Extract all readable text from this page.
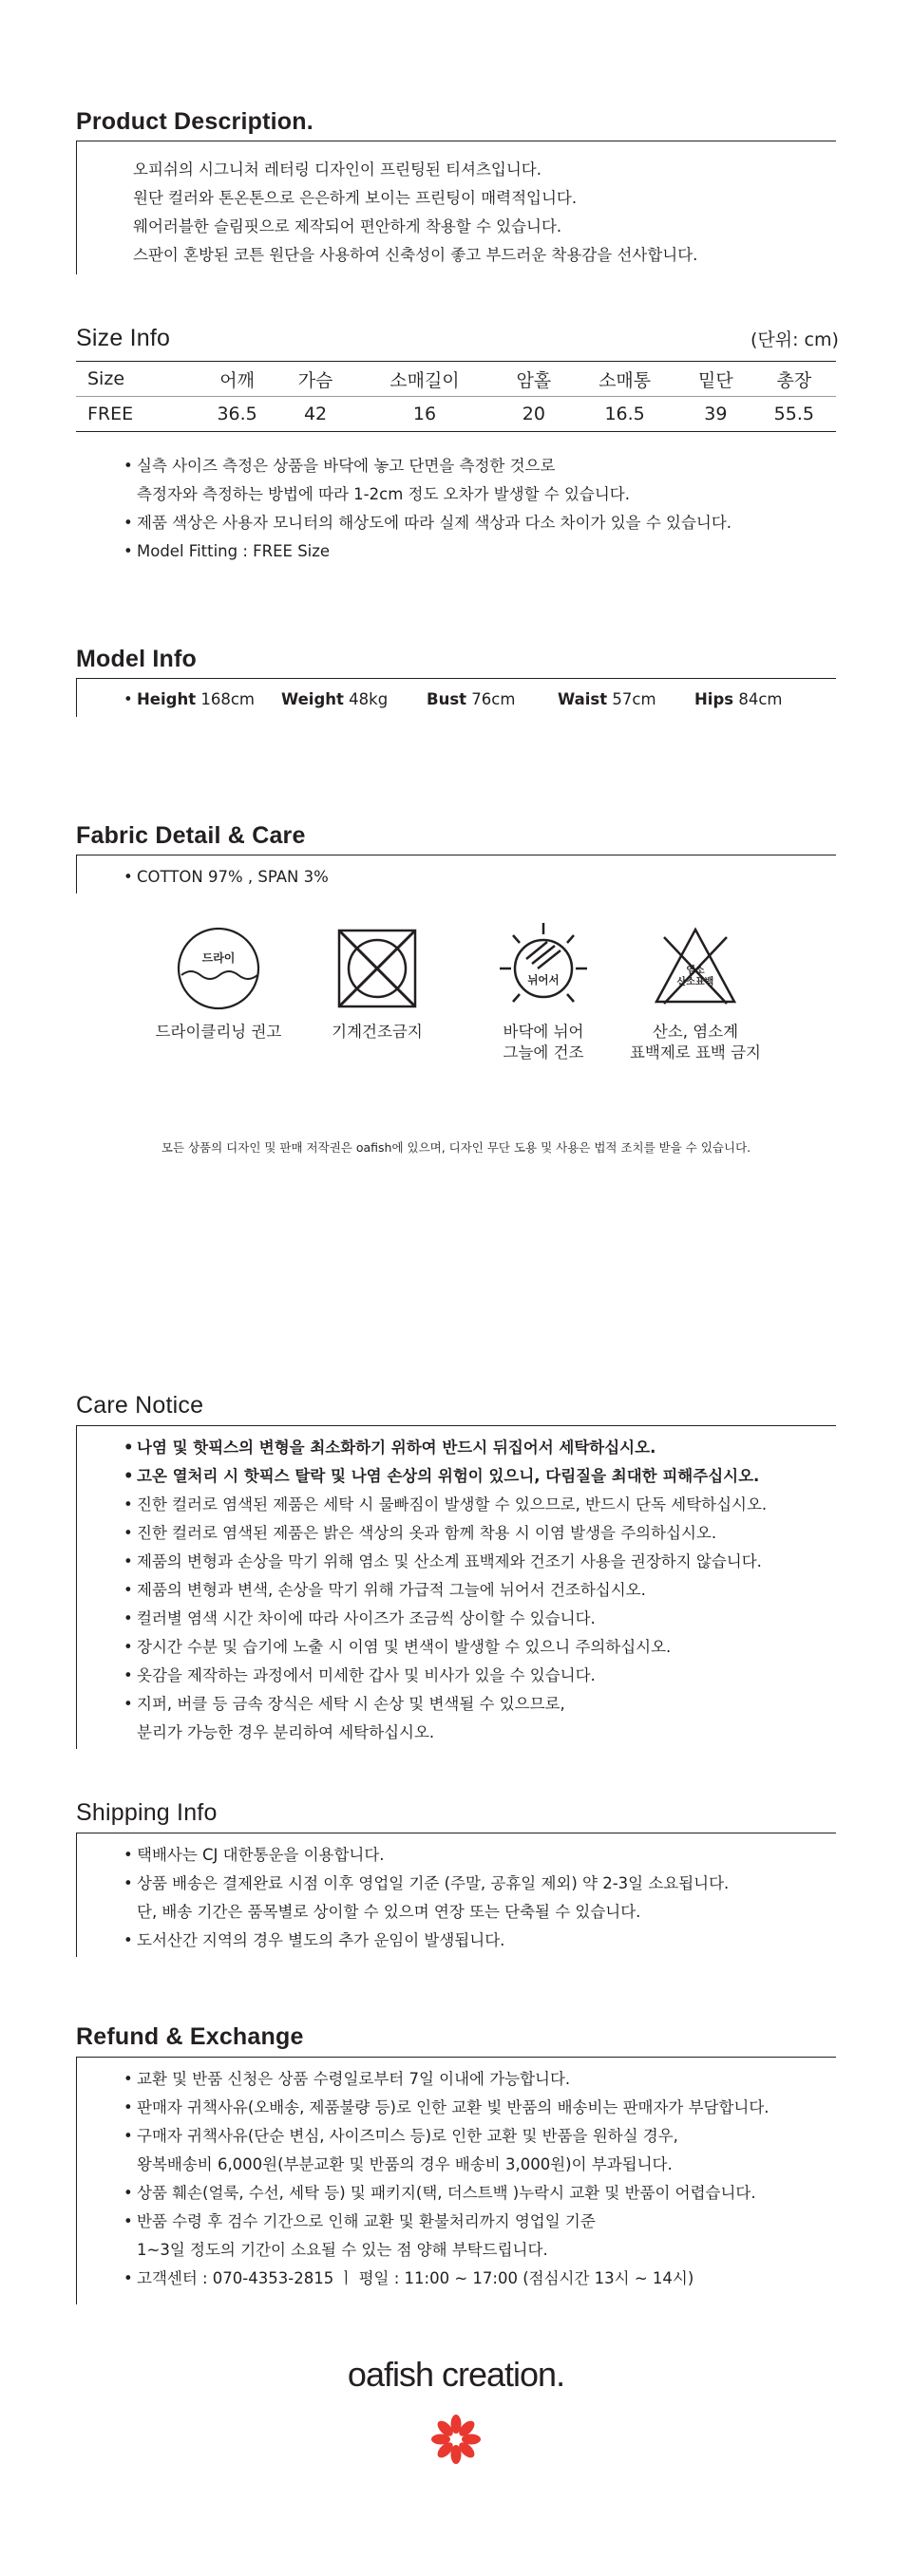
Product Description.
오피쉬의 시그니처 레터링 디자인이 프린팅된 티셔츠입니다.
원단 컬러와 톤온톤으로 은은하게 보이는 프린팅이 매력적입니다.
웨어러블한 슬림핏으로 제작되어 편안하게 착용할 수 있습니다.
스판이 혼방된 코튼 원단을 사용하여 신축성이 좋고 부드러운 착용감을 선사합니다.
Size Info	(단위: cm)
Size	어깨	가슴	소매길이	암홀	소매통	밑단	총장
FREE	36.5	42	16	20	16.5	39	55.5
• 실측 사이즈 측정은 상품을 바닥에 놓고 단면을 측정한 것으로
측정자와 측정하는 방법에 따라 1-2cm 정도 오차가 발생할 수 있습니다.
• 제품 색상은 사용자 모니터의 해상도에 따라 실제 색상과 다소 차이가 있을 수 있습니다.
• Model Fitting : FREE Size
Model Info
• Height 168cm Weight 48kg Bust 76cm	Waist 57cm Hips 84cm
Fabric Detail & Care
• COTTON 97% , SPAN 3%
드라이
뉘어서
염소
산소표백
드라이클리닝 권고	기계건조금지	바닥에 뉘어
그늘에 건조
산소, 염소계
표백제로 표백 금지
모든 상품의 디자인 및 판매 저작권은 oafish에 있으며, 디자인 무단 도용 및 사용은 법적 조치를 받을 수 있습니다.
Care Notice
• 나염 및 핫픽스의 변형을 최소화하기 위하여 반드시 뒤집어서 세탁하십시오.
• 고온 열처리 시 핫픽스 탈락 및 나염 손상의 위험이 있으니, 다림질을 최대한 피해주십시오.
• 진한 컬러로 염색된 제품은 세탁 시 물빠짐이 발생할 수 있으므로, 반드시 단독 세탁하십시오.
• 진한 컬러로 염색된 제품은 밝은 색상의 옷과 함께 착용 시 이염 발생을 주의하십시오.
• 제품의 변형과 손상을 막기 위해 염소 및 산소계 표백제와 건조기 사용을 권장하지 않습니다.
• 제품의 변형과 변색, 손상을 막기 위해 가급적 그늘에 뉘어서 건조하십시오.
• 컬러별 염색 시간 차이에 따라 사이즈가 조금씩 상이할 수 있습니다.
• 장시간 수분 및 습기에 노출 시 이염 및 변색이 발생할 수 있으니 주의하십시오.
• 옷감을 제작하는 과정에서 미세한 갑사 및 비사가 있을 수 있습니다.
• 지퍼, 버클 등 금속 장식은 세탁 시 손상 및 변색될 수 있으므로,
분리가 가능한 경우 분리하여 세탁하십시오.
Shipping Info
• 택배사는 CJ 대한통운을 이용합니다.
• 상품 배송은 결제완료 시점 이후 영업일 기준 (주말, 공휴일 제외) 약 2-3일 소요됩니다.
단, 배송 기간은 품목별로 상이할 수 있으며 연장 또는 단축될 수 있습니다.
• 도서산간 지역의 경우 별도의 추가 운임이 발생됩니다.
Refund & Exchange
• 교환 및 반품 신청은 상품 수령일로부터 7일 이내에 가능합니다.
• 판매자 귀책사유(오배송, 제품불량 등)로 인한 교환 빛 반품의 배송비는 판매자가 부담합니다.
• 구매자 귀책사유(단순 변심, 사이즈미스 등)로 인한 교환 및 반품을 원하실 경우,
왕복배송비 6,000원(부분교환 및 반품의 경우 배송비 3,000원)이 부과됩니다.
• 상품 훼손(얼룩, 수선, 세탁 등) 및 패키지(택, 더스트백 )누락시 교환 및 반품이 어렵습니다.
• 반품 수령 후 검수 기간으로 인해 교환 및 환불처리까지 영업일 기준
1~3일 정도의 기간이 소요될 수 있는 점 양해 부탁드립니다.
• 고객센터 : 070-4353-2815 ㅣ 평일 : 11:00 ~ 17:00 (점심시간 13시 ~ 14시)
oafish creation.
